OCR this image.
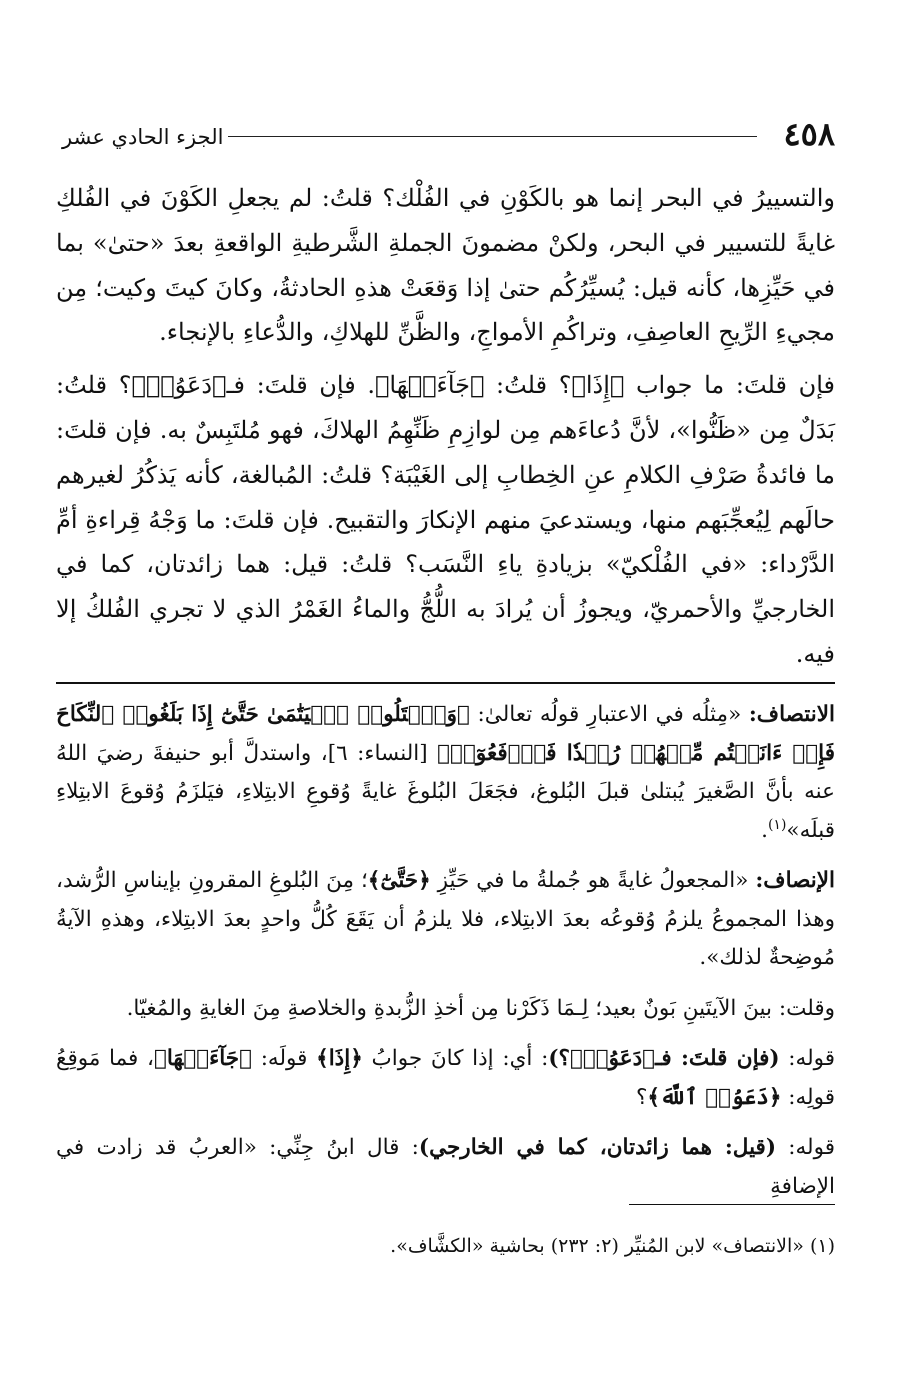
٤٥٨
الجزء الحادي عشر

والتسييرُ في البحر إنما هو بالكَوْنِ في الفُلْك؟ قلتُ: لم يجعلِ الكَوْنَ في الفُلكِ غايةً للتسيير في البحر، ولكنْ مضمونَ الجملةِ الشَّرطيةِ الواقعةِ بعدَ «حتىٰ» بما في حَيِّزِها، كأنه قيل: يُسيِّرُكُم حتىٰ إذا وَقعَتْ هذهِ الحادثةُ، وكانَ كيتَ وكيت؛ مِن مجيءِ الرِّيحِ العاصِفِ، وتراكُمِ الأمواجِ، والظَّنِّ للهلاكِ، والدُّعاءِ بالإنجاء.

فإن قلتَ: ما جواب ﴿إِذَا﴾؟ قلتُ: ﴿جَآءَتۡهَا﴾. فإن قلتَ: فـ﴿دَعَوُا۟﴾؟ قلتُ: بَدَلٌ مِن «ظَنُّوا»، لأنَّ دُعاءَهم مِن لوازِمِ ظَنِّهِمُ الهلاكَ، فهو مُلتَبِسٌ به. فإن قلتَ: ما فائدةُ صَرْفِ الكلامِ عنِ الخِطابِ إلى الغَيْبَة؟ قلتُ: المُبالغة، كأنه يَذكُرُ لغيرهم حالَهم لِيُعجِّبَهم منها، ويستدعيَ منهم الإنكارَ والتقبيح. فإن قلتَ: ما وَجْهُ قِراءةِ أمِّ الدَّرْداء: «في الفُلْكيّ» بزيادةِ ياءِ النَّسَب؟ قلتُ: قيل: هما زائدتان، كما في الخارجيِّ والأحمريّ، ويجوزُ أن يُرادَ به اللُّجُّ والماءُ الغَمْرُ الذي لا تجري الفُلكُ إلا فيه.

الانتصاف: «مِثلُه في الاعتبارِ قولُه تعالىٰ: ﴿وَٱبۡتَلُوا۟ ٱلۡيَتَٰمَىٰ حَتَّىٰٓ إِذَا بَلَغُوا۟ ٱلنِّكَاحَ فَإِنۡ ءَانَسۡتُم مِّنۡهُمۡ رُشۡدٗا فَٱدۡفَعُوٓا۟﴾ [النساء: ٦]، واستدلَّ أبو حنيفةَ رضيَ اللهُ عنه بأنَّ الصَّغيرَ يُبتلىٰ قبلَ البُلوغ، فجَعَلَ البُلوغَ غايةً وُقوعِ الابتِلاءِ، فيَلزَمُ وُقوعَ الابتِلاءِ قبلَه»$^{(١)}$.

الإنصاف: «المجعولُ غايةً هو جُملةُ ما في حَيِّزِ ﴿حَتَّىٰٓ﴾؛ مِنَ البُلوغِ المقرونِ بإيناسِ الرُّشد، وهذا المجموعُ يلزمُ وُقوعُه بعدَ الابتِلاء، فلا يلزمُ أن يَقَعَ كُلُّ واحدٍ بعدَ الابتِلاء، وهذهِ الآيةُ مُوضِحةٌ لذلك».

وقلت: بينَ الآيتَينِ بَونٌ بعيد؛ لِـمَا ذَكَرْنا مِن أخذِ الزُّبدةِ والخلاصةِ مِنَ الغايةِ والمُغيّا.

قوله: (فإن قلتَ: فـ﴿دَعَوُا۟﴾؟): أي: إذا كانَ جوابُ ﴿إِذَا﴾ قولَه: ﴿جَآءَتۡهَا﴾، فما مَوقِعُ قولِه: ﴿دَعَوُا۟ ٱللَّهَ﴾؟

قوله: (قيل: هما زائدتان، كما في الخارجي): قال ابنُ جِنِّي: «العربُ قد زادت في الإضافةِ

(١) «الانتصاف» لابن المُنيِّر (٢: ٢٣٢) بحاشية «الكشَّاف».
